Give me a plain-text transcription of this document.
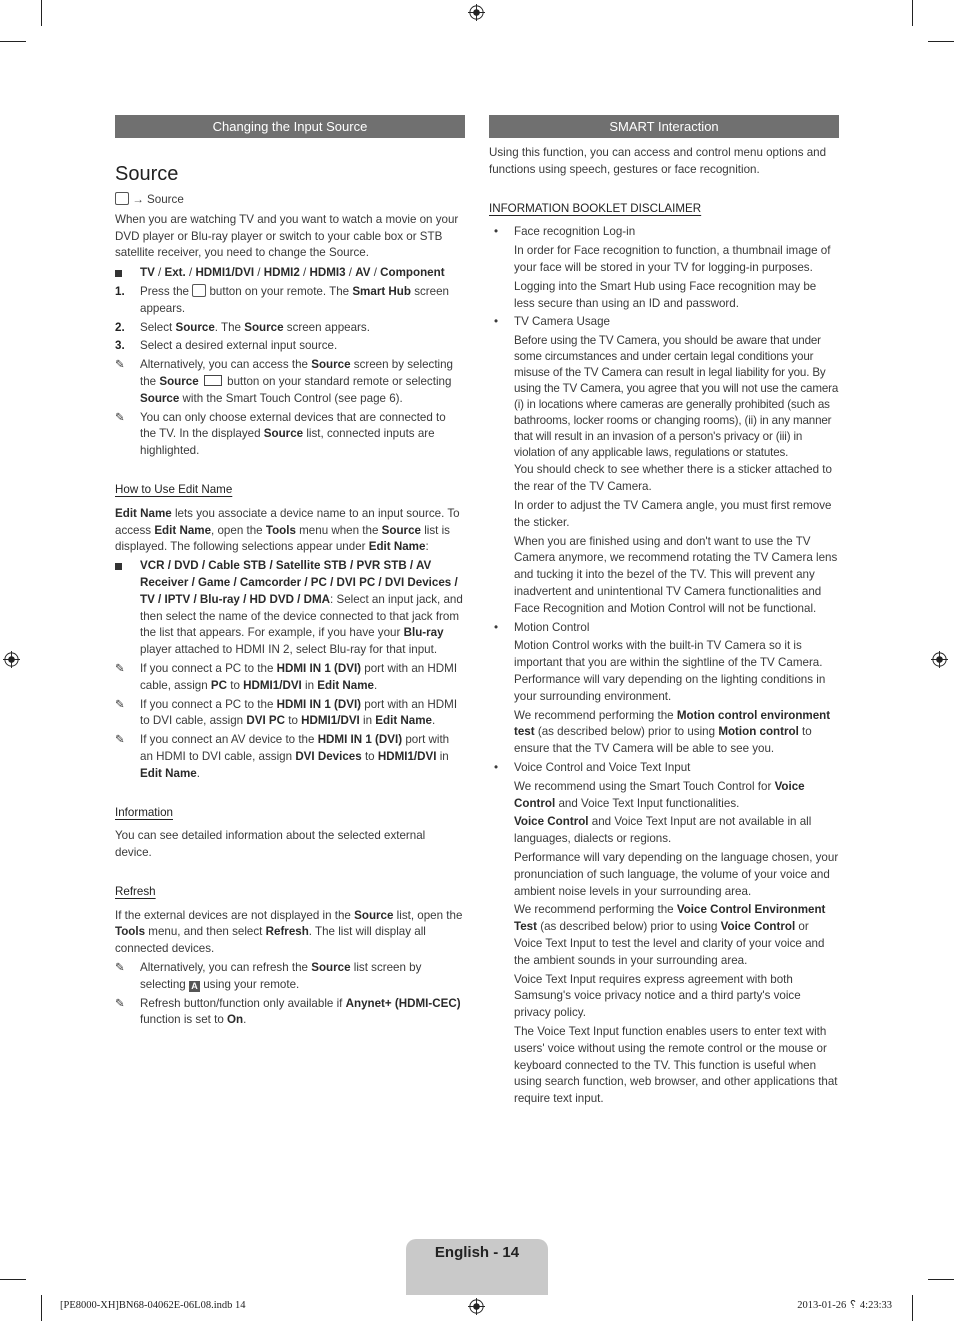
Changing the Input Source	SMART Interaction

Source

→ Source

When you are watching TV and you want to watch a movie on your DVD player or Blu-ray player or switch to your cable box or STB satellite receiver, you need to change the Source.

TV / Ext. / HDMI1/DVI / HDMI2 / HDMI3 / AV / Component
1.	Press the button on your remote. The Smart Hub screen appears.
2.	Select Source. The Source screen appears.
3.	Select a desired external input source.
✎	Alternatively, you can access the Source screen by selecting the Source button on your standard remote or selecting Source with the Smart Touch Control (see page 6).
✎	You can only choose external devices that are connected to the TV. In the displayed Source list, connected inputs are highlighted.

How to Use Edit Name

Edit Name lets you associate a device name to an input source. To access Edit Name, open the Tools menu when the Source list is displayed. The following selections appear under Edit Name:

VCR / DVD / Cable STB / Satellite STB / PVR STB / AV Receiver / Game / Camcorder / PC / DVI PC / DVI Devices / TV / IPTV / Blu-ray / HD DVD / DMA: Select an input jack, and then select the name of the device connected to that jack from the list that appears. For example, if you have your Blu-ray player attached to HDMI IN 2, select Blu-ray for that input.
✎	If you connect a PC to the HDMI IN 1 (DVI) port with an HDMI cable, assign PC to HDMI1/DVI in Edit Name.
✎	If you connect a PC to the HDMI IN 1 (DVI) port with an HDMI to DVI cable, assign DVI PC to HDMI1/DVI in Edit Name.
✎	If you connect an AV device to the HDMI IN 1 (DVI) port with an HDMI to DVI cable, assign DVI Devices to HDMI1/DVI in Edit Name.

Information

You can see detailed information about the selected external device.

Refresh

If the external devices are not displayed in the Source list, open the Tools menu, and then select Refresh. The list will display all connected devices.

✎	Alternatively, you can refresh the Source list screen by selecting A using your remote.
✎	Refresh button/function only available if Anynet+ (HDMI-CEC) function is set to On.

Using this function, you can access and control menu options and functions using speech, gestures or face recognition.

INFORMATION BOOKLET DISCLAIMER

• Face recognition Log-in

In order for Face recognition to function, a thumbnail image of your face will be stored in your TV for logging-in purposes.

Logging into the Smart Hub using Face recognition may be less secure than using an ID and password.

• TV Camera Usage

Before using the TV Camera, you should be aware that under some circumstances and under certain legal conditions your misuse of the TV Camera can result in legal liability for you. By using the TV Camera, you agree that you will not use the camera (i) in locations where cameras are generally prohibited (such as bathrooms, locker rooms or changing rooms), (ii) in any manner that will result in an invasion of a person's privacy or (iii) in violation of any applicable laws, regulations or statutes.

You should check to see whether there is a sticker attached to the rear of the TV Camera.

In order to adjust the TV Camera angle, you must first remove the sticker.

When you are finished using and don't want to use the TV Camera anymore, we recommend rotating the TV Camera lens and tucking it into the bezel of the TV. This will prevent any inadvertent and unintentional TV Camera functionalities and Face Recognition and Motion Control will not be functional.

• Motion Control

Motion Control works with the built-in TV Camera so it is important that you are within the sightline of the TV Camera. Performance will vary depending on the lighting conditions in your surrounding environment.

We recommend performing the Motion control environment test (as described below) prior to using Motion control to ensure that the TV Camera will be able to see you.

• Voice Control and Voice Text Input

We recommend using the Smart Touch Control for Voice Control and Voice Text Input functionalities.

Voice Control and Voice Text Input are not available in all languages, dialects or regions.

Performance will vary depending on the language chosen, your pronunciation of such language, the volume of your voice and ambient noise levels in your surrounding area.

We recommend performing the Voice Control Environment Test (as described below) prior to using Voice Control or Voice Text Input to test the level and clarity of your voice and the ambient sounds in your surrounding area.

Voice Text Input requires express agreement with both Samsung's voice privacy notice and a third party's voice privacy policy.

The Voice Text Input function enables users to enter text with users' voice without using the remote control or the mouse or keyboard connected to the TV. This function is useful when using search function, web browser, and other applications that require text input.

English - 14
[PE8000-XH]BN68-04062E-06L08.indb 14	2013-01-26 ␦ 4:23:33
